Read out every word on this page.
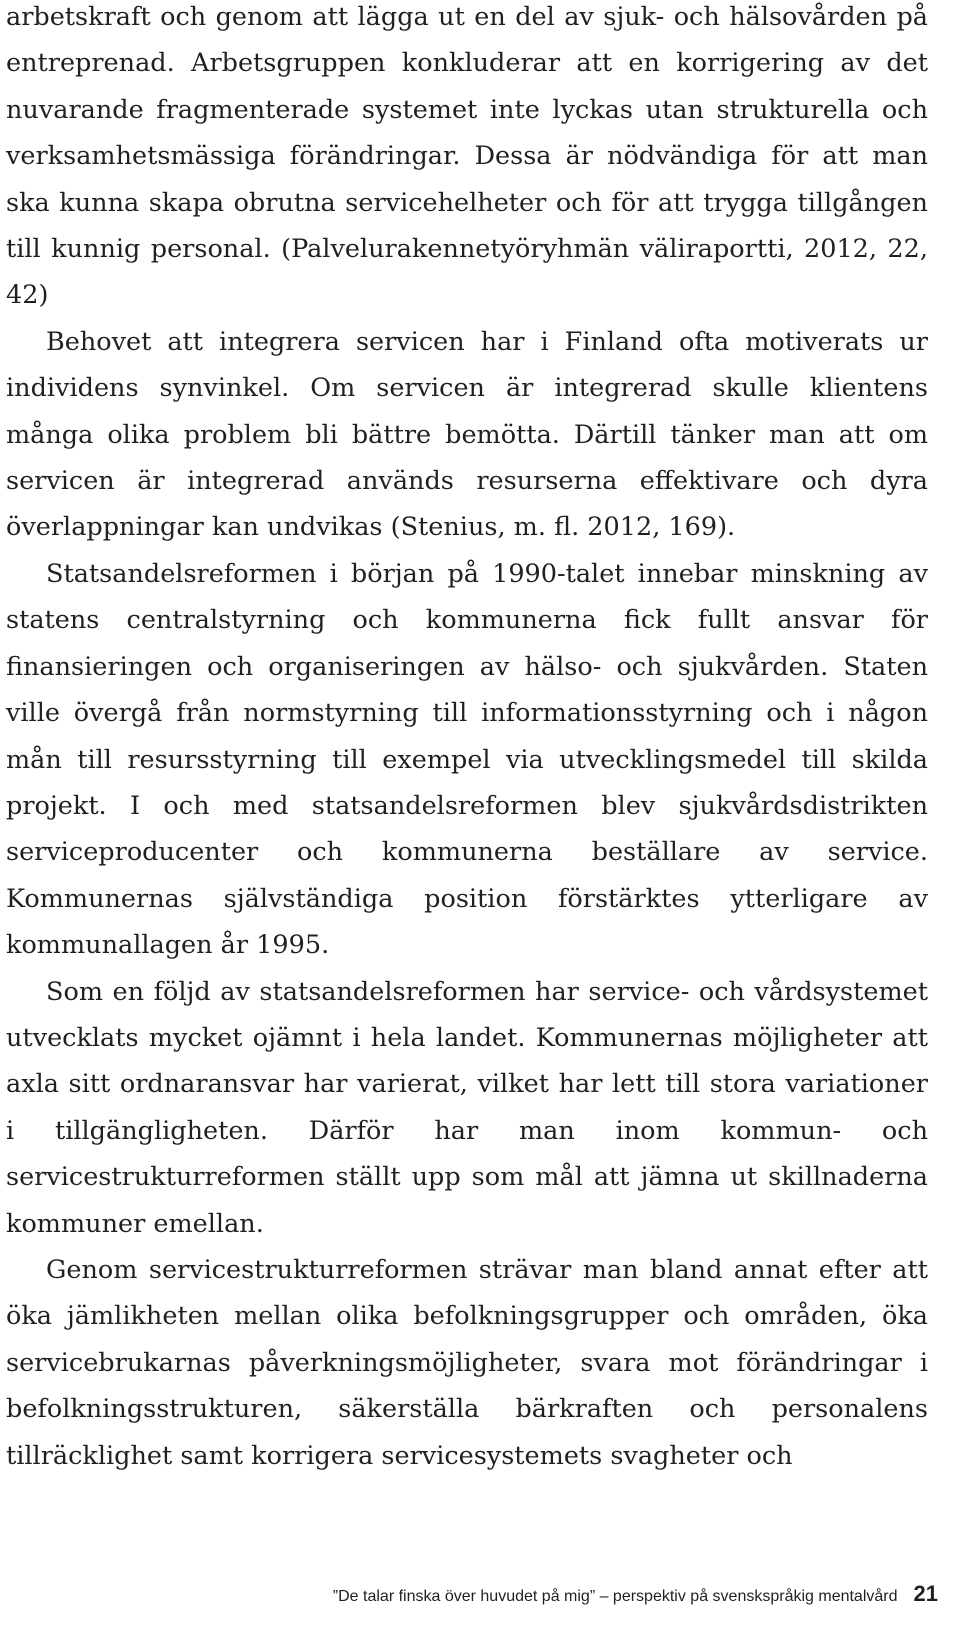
arbetskraft och genom att lägga ut en del av sjuk- och hälsovården på entreprenad. Arbetsgruppen konkluderar att en korrigering av det nuvarande fragmenterade systemet inte lyckas utan strukturella och verksamhetsmässiga förändringar. Dessa är nödvändiga för att man ska kunna skapa obrutna servicehelheter och för att trygga tillgången till kunnig personal. (Palvelurakennetyöryhmän väliraportti, 2012, 22, 42)

Behovet att integrera servicen har i Finland ofta motiverats ur individens synvinkel. Om servicen är integrerad skulle klientens många olika problem bli bättre bemötta. Därtill tänker man att om servicen är integrerad används resurserna effektivare och dyra överlappningar kan undvikas (Stenius, m. fl. 2012, 169).

Statsandelsreformen i början på 1990-talet innebar minskning av statens centralstyrning och kommunerna fick fullt ansvar för finansieringen och organiseringen av hälso- och sjukvården. Staten ville övergå från normstyrning till informationsstyrning och i någon mån till resursstyrning till exempel via utvecklingsmedel till skilda projekt. I och med statsandelsreformen blev sjukvårdsdistrikten serviceproducenter och kommunerna beställare av service. Kommunernas självständiga position förstärktes ytterligare av kommunallagen år 1995.

Som en följd av statsandelsreformen har service- och vårdsystemet utvecklats mycket ojämnt i hela landet. Kommunernas möjligheter att axla sitt ordnaransvar har varierat, vilket har lett till stora variationer i tillgängligheten. Därför har man inom kommun- och servicestrukturreformen ställt upp som mål att jämna ut skillnaderna kommuner emellan.

Genom servicestrukturreformen strävar man bland annat efter att öka jämlikheten mellan olika befolkningsgrupper och områden, öka servicebrukarnas påverkningsmöjligheter, svara mot förändringar i befolkningsstrukturen, säkerställa bärkraften och personalens tillräcklighet samt korrigera servicesystemets svagheter och

”De talar finska över huvudet på mig” – perspektiv på svenskspråkig mentalvård 21
